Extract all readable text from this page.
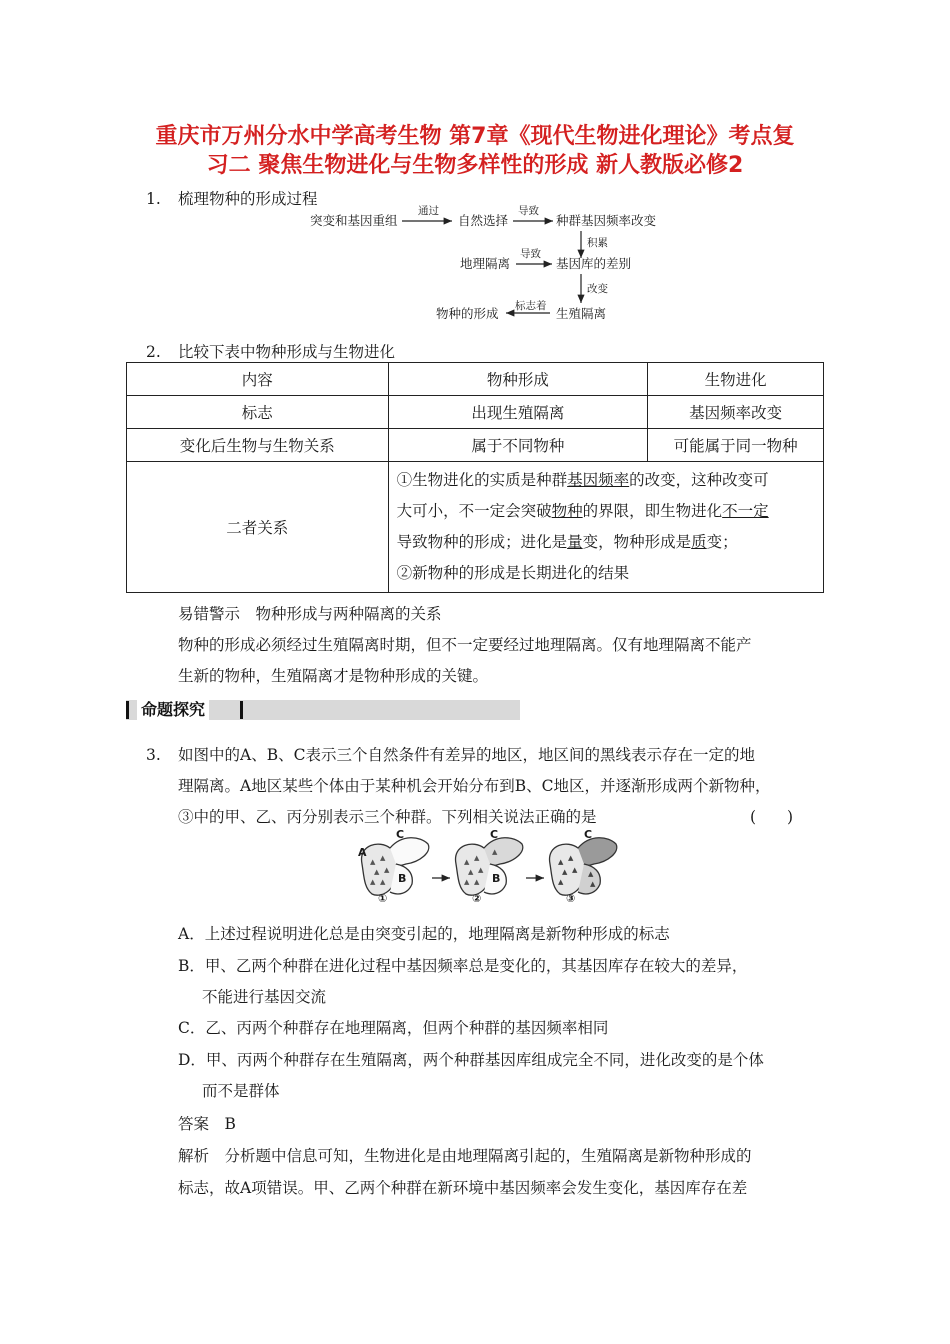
重庆市万州分水中学高考生物 第7章《现代生物进化理论》考点复
习二 聚焦生物进化与生物多样性的形成 新人教版必修2
1. 梳理物种的形成过程
突变和基因重组
通过
自然选择
导致
种群基因频率改变
积累
地理隔离
导致
基因库的差别
改变
物种的形成 标志着 生殖隔离
2. 比较下表中物种形成与生物进化
内容	物种形成	生物进化
标志	出现生殖隔离	基因频率改变
变化后生物与生物关系	属于不同物种	可能属于同一物种
二者关系	①生物进化的实质是种群基因频率的改变，这种改变可
大可小，不一定会突破物种的界限，即生物进化不一定
导致物种的形成；进化是量变，物种形成是质变；
②新物种的形成是长期进化的结果	
易错警示　物种形成与两种隔离的关系
物种的形成必须经过生殖隔离时期，但不一定要经过地理隔离。仅有地理隔离不能产
生新的物种，生殖隔离才是物种形成的关键。
命题探究
3. 如图中的A、B、C表示三个自然条件有差异的地区，地区间的黑线表示存在一定的地
理隔离。A地区某些个体由于某种机会开始分布到B、C地区，并逐渐形成两个新物种，
③中的甲、乙、丙分别表示三个种群。下列相关说法正确的是	(　　)
▲ ▲
▲ ▲
▲ ▲
▲ ▲
▲ ▲
▲ ▲
▲
▲ ▲
▲ ▲
▲
▲
▲
A
B
C	C
B
C
①	②	③
A．上述过程说明进化总是由突变引起的，地理隔离是新物种形成的标志
B．甲、乙两个种群在进化过程中基因频率总是变化的，其基因库存在较大的差异，
不能进行基因交流
C．乙、丙两个种群存在地理隔离，但两个种群的基因频率相同
D．甲、丙两个种群存在生殖隔离，两个种群基因库组成完全不同，进化改变的是个体
而不是群体
答案　B
解析　分析题中信息可知，生物进化是由地理隔离引起的，生殖隔离是新物种形成的
标志，故A项错误。甲、乙两个种群在新环境中基因频率会发生变化，基因库存在差
